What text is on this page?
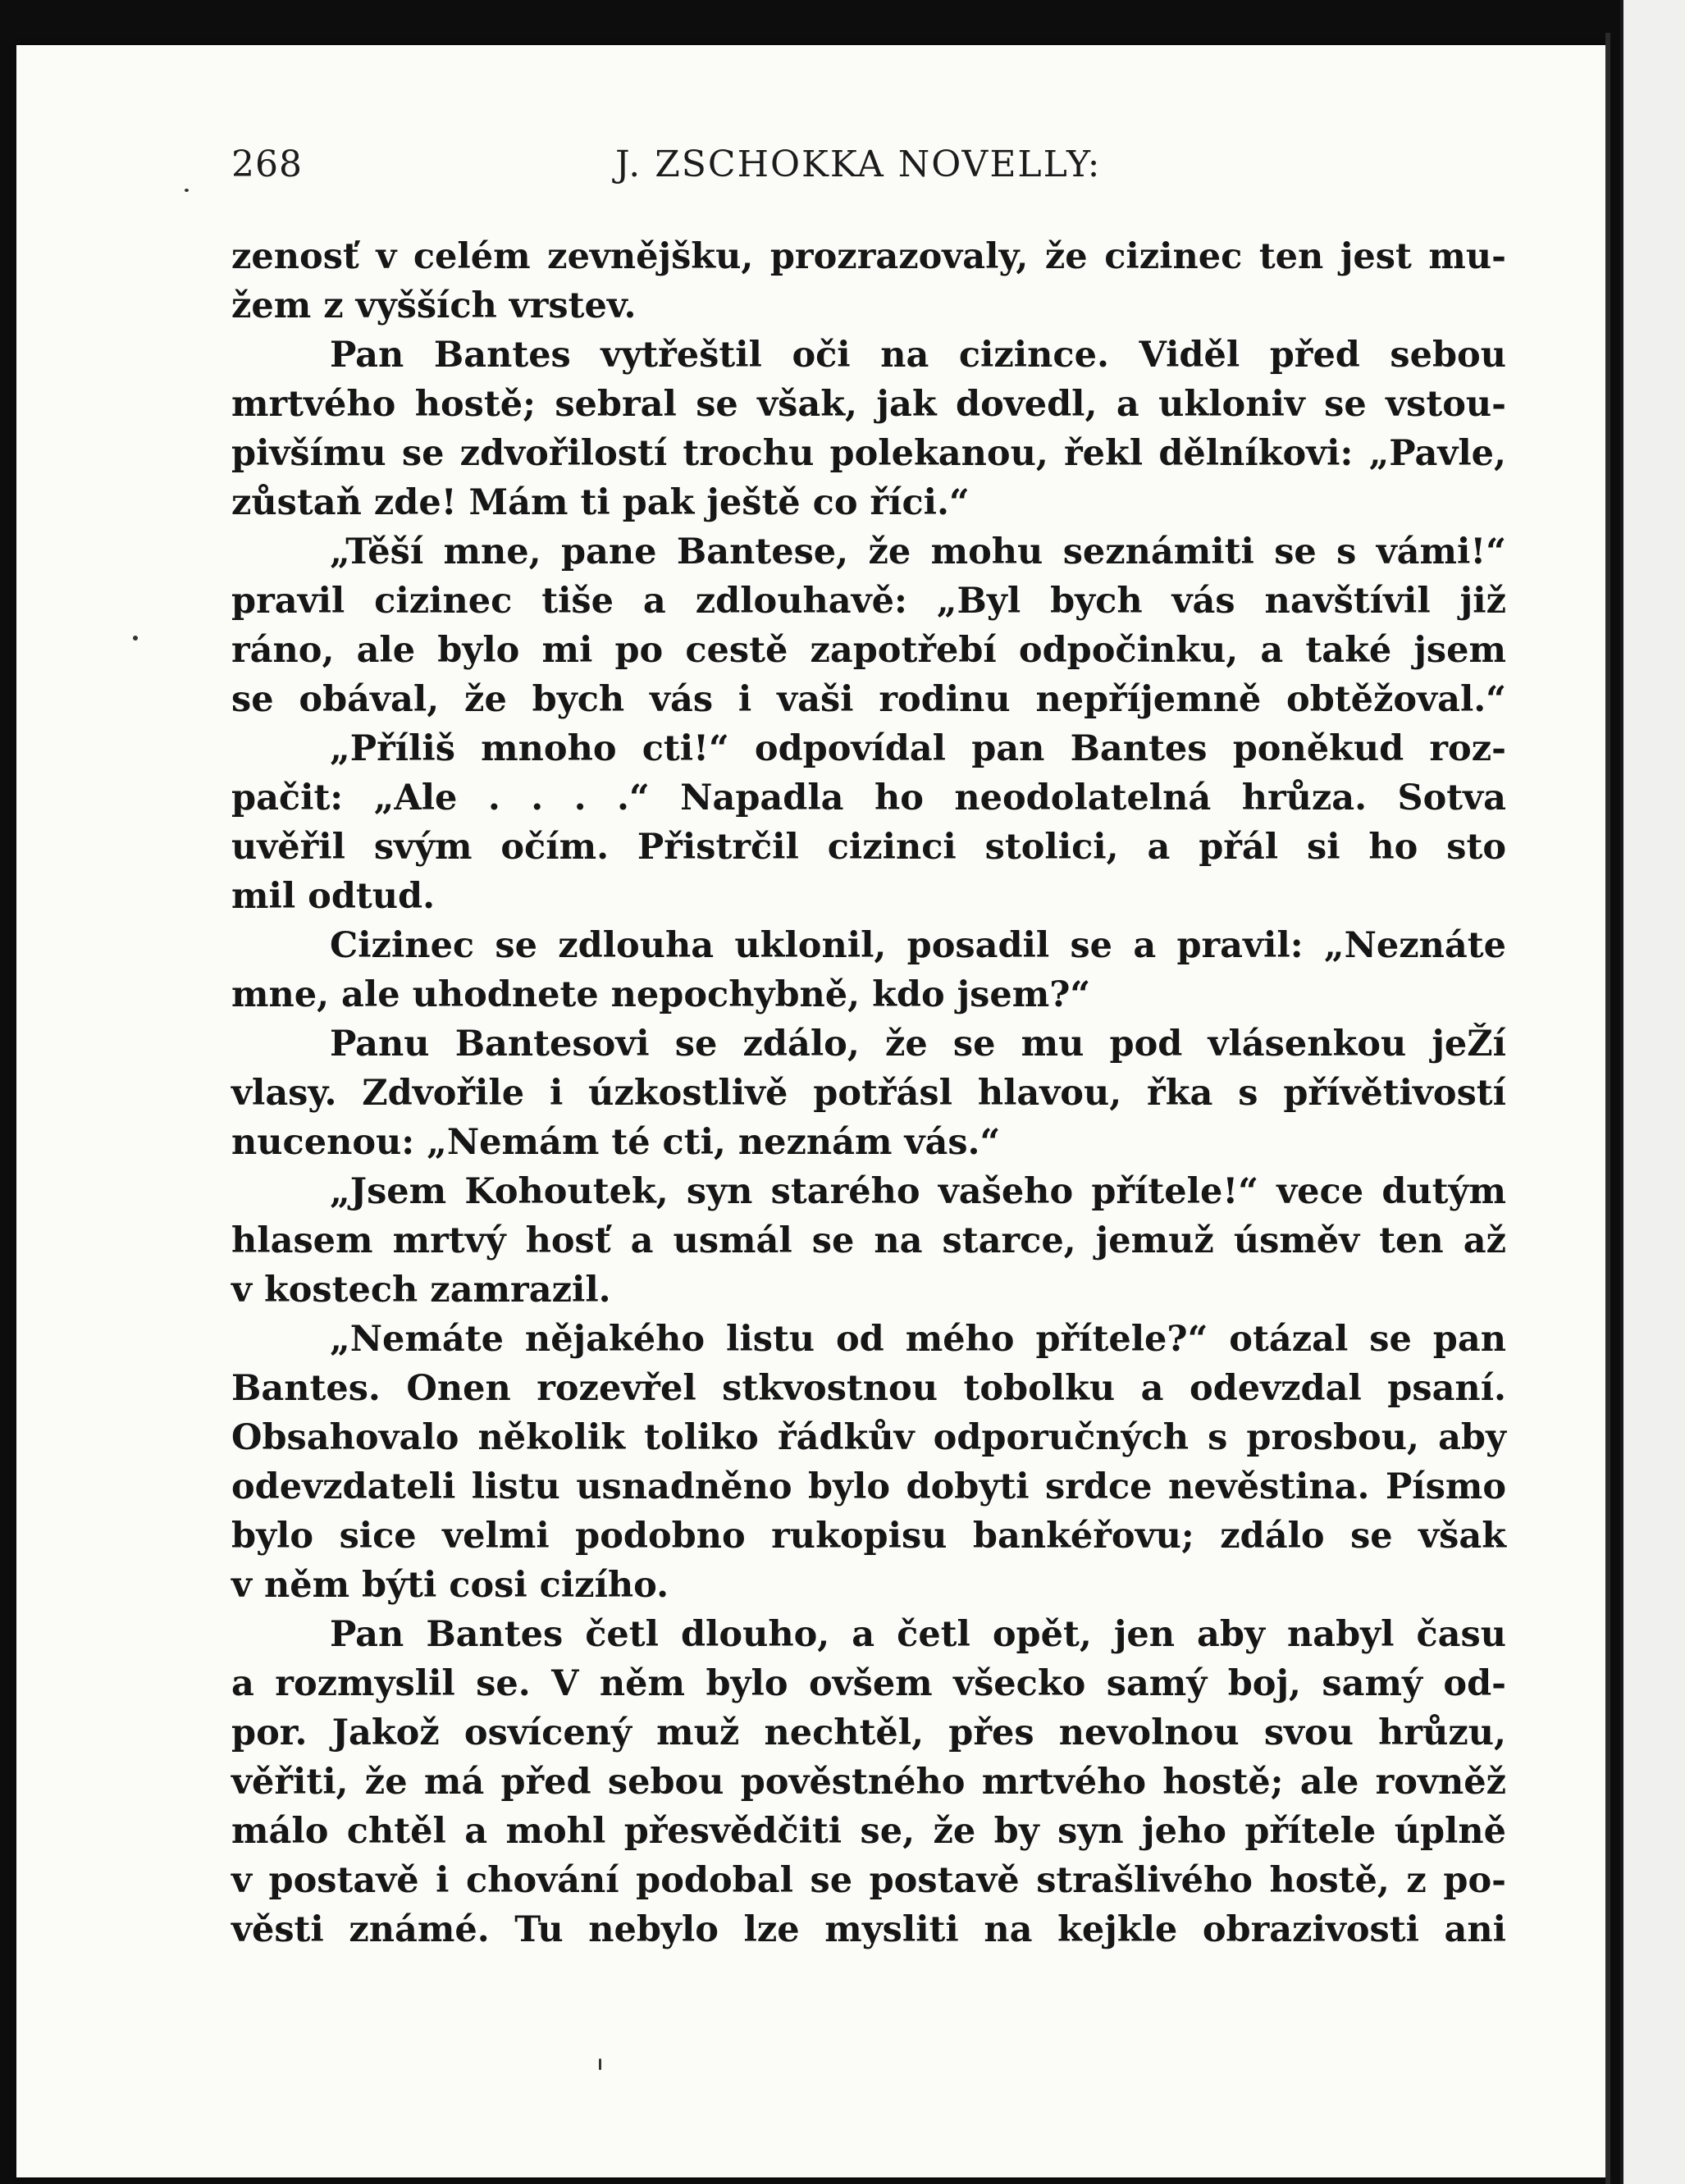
268	J. ZSCHOKKA NOVELLY:
zenosť v celém zevnějšku, prozrazovaly, že cizinec ten jest mu-
žem z vyšších vrstev.
Pan Bantes vytřeštil oči na cizince. Viděl před sebou
mrtvého hostě; sebral se však, jak dovedl, a ukloniv se vstou-
pivšímu se zdvořilostí trochu polekanou, řekl dělníkovi: „Pavle,
zůstaň zde! Mám ti pak ještě co říci.“
„Těší mne, pane Bantese, že mohu seznámiti se s vámi!“
pravil cizinec tiše a zdlouhavě: „Byl bych vás navštívil již
ráno, ale bylo mi po cestě zapotřebí odpočinku, a také jsem
se obával, že bych vás i vaši rodinu nepříjemně obtěžoval.“
„Příliš mnoho cti!“ odpovídal pan Bantes poněkud roz-
pačit: „Ale . . . .“ Napadla ho neodolatelná hrůza. Sotva
uvěřil svým očím. Přistrčil cizinci stolici, a přál si ho sto
mil odtud.
Cizinec se zdlouha uklonil, posadil se a pravil: „Neznáte
mne, ale uhodnete nepochybně, kdo jsem?“
Panu Bantesovi se zdálo, že se mu pod vlásenkou jeŽí
vlasy. Zdvořile i úzkostlivě potřásl hlavou, řka s přívětivostí
nucenou: „Nemám té cti, neznám vás.“
„Jsem Kohoutek, syn starého vašeho přítele!“ vece dutým
hlasem mrtvý hosť a usmál se na starce, jemuž úsměv ten až
v kostech zamrazil.
„Nemáte nějakého listu od mého přítele?“ otázal se pan
Bantes. Onen rozevřel stkvostnou tobolku a odevzdal psaní.
Obsahovalo několik toliko řádkův odporučných s prosbou, aby
odevzdateli listu usnadněno bylo dobyti srdce nevěstina. Písmo
bylo sice velmi podobno rukopisu bankéřovu; zdálo se však
v něm býti cosi cizího.
Pan Bantes četl dlouho, a četl opět, jen aby nabyl času
a rozmyslil se. V něm bylo ovšem všecko samý boj, samý od-
por. Jakož osvícený muž nechtěl, přes nevolnou svou hrůzu,
věřiti, že má před sebou pověstného mrtvého hostě; ale rovněž
málo chtěl a mohl přesvědčiti se, že by syn jeho přítele úplně
v postavě i chování podobal se postavě strašlivého hostě, z po-
věsti známé. Tu nebylo lze mysliti na kejkle obrazivosti ani
